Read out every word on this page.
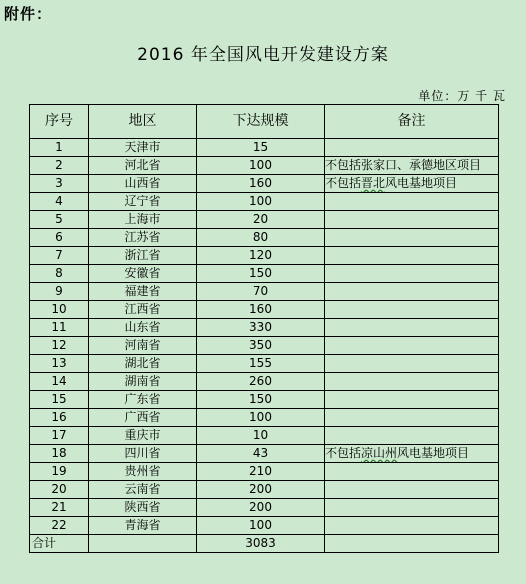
附件：
2016 年全国风电开发建设方案
单位：万 千 瓦
序号	地区	下达规模	备注
1	天津市	15	
2	河北省	100	不包括张家口、承德地区项目
3	山西省	160	不包括晋北风电基地项目
4	辽宁省	100	
5	上海市	20	
6	江苏省	80	
7	浙江省	120	
8	安徽省	150	
9	福建省	70	
10	江西省	160	
11	山东省	330	
12	河南省	350	
13	湖北省	155	
14	湖南省	260	
15	广东省	150	
16	广西省	100	
17	重庆市	10	
18	四川省	43	不包括凉山州风电基地项目
19	贵州省	210	
20	云南省	200	
21	陕西省	200	
22	青海省	100	
合计		3083	
